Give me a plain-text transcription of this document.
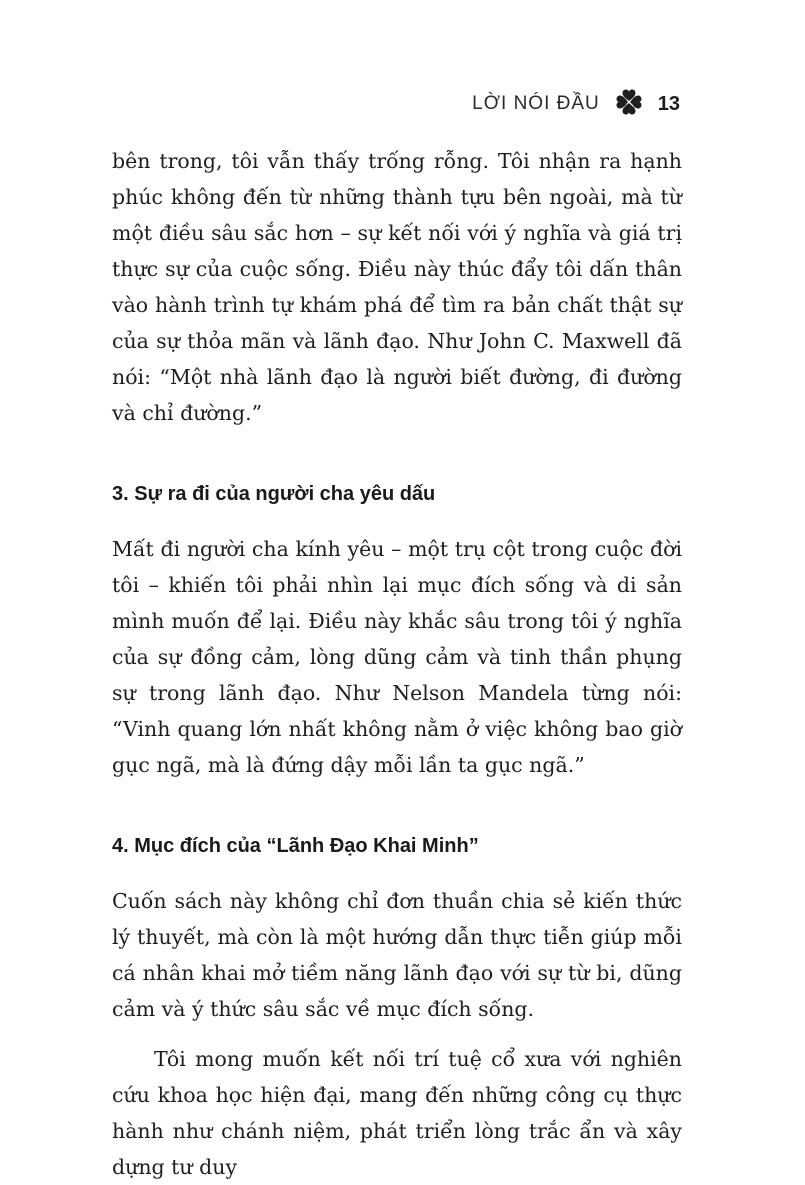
LỜI NÓI ĐẦU	13

bên trong, tôi vẫn thấy trống rỗng. Tôi nhận ra hạnh phúc không đến từ những thành tựu bên ngoài, mà từ một điều sâu sắc hơn – sự kết nối với ý nghĩa và giá trị thực sự của cuộc sống. Điều này thúc đẩy tôi dấn thân vào hành trình tự khám phá để tìm ra bản chất thật sự của sự thỏa mãn và lãnh đạo. Như John C. Maxwell đã nói: “Một nhà lãnh đạo là người biết đường, đi đường và chỉ đường.”

3. Sự ra đi của người cha yêu dấu

Mất đi người cha kính yêu – một trụ cột trong cuộc đời tôi – khiến tôi phải nhìn lại mục đích sống và di sản mình muốn để lại. Điều này khắc sâu trong tôi ý nghĩa của sự đồng cảm, lòng dũng cảm và tinh thần phụng sự trong lãnh đạo. Như Nelson Mandela từng nói: “Vinh quang lớn nhất không nằm ở việc không bao giờ gục ngã, mà là đứng dậy mỗi lần ta gục ngã.”

4. Mục đích của “Lãnh Đạo Khai Minh”

Cuốn sách này không chỉ đơn thuần chia sẻ kiến thức lý thuyết, mà còn là một hướng dẫn thực tiễn giúp mỗi cá nhân khai mở tiềm năng lãnh đạo với sự từ bi, dũng cảm và ý thức sâu sắc về mục đích sống.

Tôi mong muốn kết nối trí tuệ cổ xưa với nghiên cứu khoa học hiện đại, mang đến những công cụ thực hành như chánh niệm, phát triển lòng trắc ẩn và xây dựng tư duy
